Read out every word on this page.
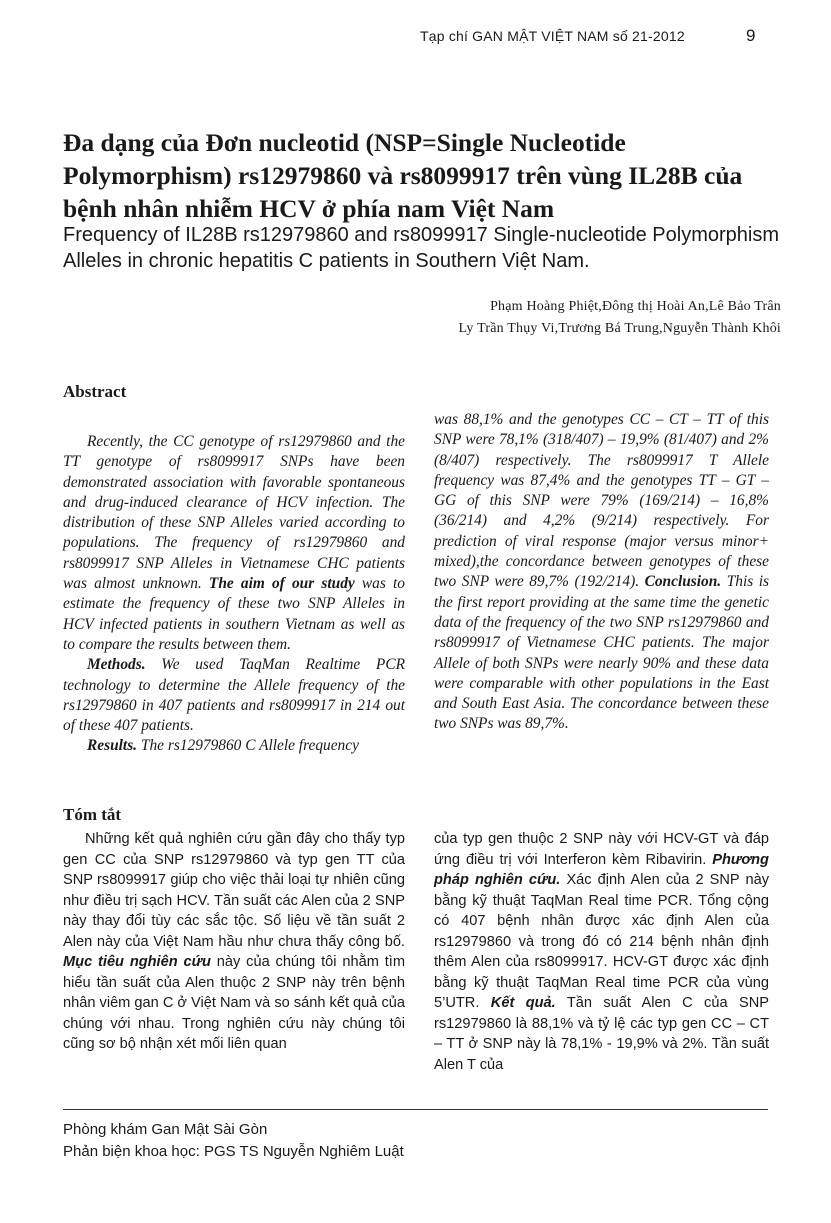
Tạp chí GAN MẬT VIỆT NAM số 21-2012	9
Đa dạng của Đơn nucleotid (NSP=Single Nucleotide Polymorphism) rs12979860 và rs8099917 trên vùng IL28B của bệnh nhân nhiễm HCV ở phía nam Việt Nam
Frequency of IL28B rs12979860 and rs8099917 Single-nucleotide Polymorphism Alleles in chronic hepatitis C patients in Southern Việt Nam.
Phạm Hoàng Phiệt,Đông thị Hoài An,Lê Bảo Trân
Ly Trần Thụy Vi,Trương Bá Trung,Nguyễn Thành Khôi
Abstract

Recently, the CC genotype of rs12979860 and the TT genotype of rs8099917 SNPs have been demonstrated association with favorable spontaneous and drug-induced clearance of HCV infection. The distribution of these SNP Alleles varied according to populations. The frequency of rs12979860 and rs8099917 SNP Alleles in Vietnamese CHC patients was almost unknown. The aim of our study was to estimate the frequency of these two SNP Alleles in HCV infected patients in southern Vietnam as well as to compare the results between them.

Methods. We used TaqMan Realtime PCR technology to determine the Allele frequency of the rs12979860 in 407 patients and rs8099917 in 214 out of these 407 patients.

Results. The rs12979860 C Allele frequency

was 88,1% and the genotypes CC – CT – TT of this SNP were 78,1% (318/407) – 19,9% (81/407) and 2% (8/407) respectively. The rs8099917 T Allele frequency was 87,4% and the genotypes TT – GT – GG of this SNP were 79% (169/214) – 16,8% (36/214) and 4,2% (9/214) respectively. For prediction of viral response (major versus minor+ mixed),the concordance between genotypes of these two SNP were 89,7% (192/214). Conclusion. This is the first report providing at the same time the genetic data of the frequency of the two SNP rs12979860 and rs8099917 of Vietnamese CHC patients. The major Allele of both SNPs were nearly 90% and these data were comparable with other populations in the East and South East Asia. The concordance between these two SNPs was 89,7%.

Tóm tắt

Những kết quả nghiên cứu gần đây cho thấy typ gen CC của SNP rs12979860 và typ gen TT của SNP rs8099917 giúp cho việc thải loại tự nhiên cũng như điều trị sạch HCV. Tần suất các Alen của 2 SNP này thay đổi tùy các sắc tộc. Số liệu về tần suất 2 Alen này của Việt Nam hầu như chưa thấy công bố. Mục tiêu nghiên cứu này của chúng tôi nhằm tìm hiểu tần suất của Alen thuộc 2 SNP này trên bệnh nhân viêm gan C ở Việt Nam và so sánh kết quả của chúng với nhau. Trong nghiên cứu này chúng tôi cũng sơ bộ nhận xét mối liên quan

của typ gen thuộc 2 SNP này với HCV-GT và đáp ứng điều trị với Interferon kèm Ribavirin. Phương pháp nghiên cứu. Xác định Alen của 2 SNP này bằng kỹ thuật TaqMan Real time PCR. Tổng cộng có 407 bệnh nhân được xác định Alen của rs12979860 và trong đó có 214 bệnh nhân định thêm Alen của rs8099917. HCV-GT được xác định bằng kỹ thuật TaqMan Real time PCR của vùng 5’UTR. Kết quả. Tần suất Alen C của SNP rs12979860 là 88,1% và tỷ lệ các typ gen CC – CT – TT ở SNP này là 78,1% - 19,9% và 2%. Tần suất Alen T của

Phòng khám Gan Mật Sài Gòn
Phản biện khoa học: PGS TS Nguyễn Nghiêm Luật
